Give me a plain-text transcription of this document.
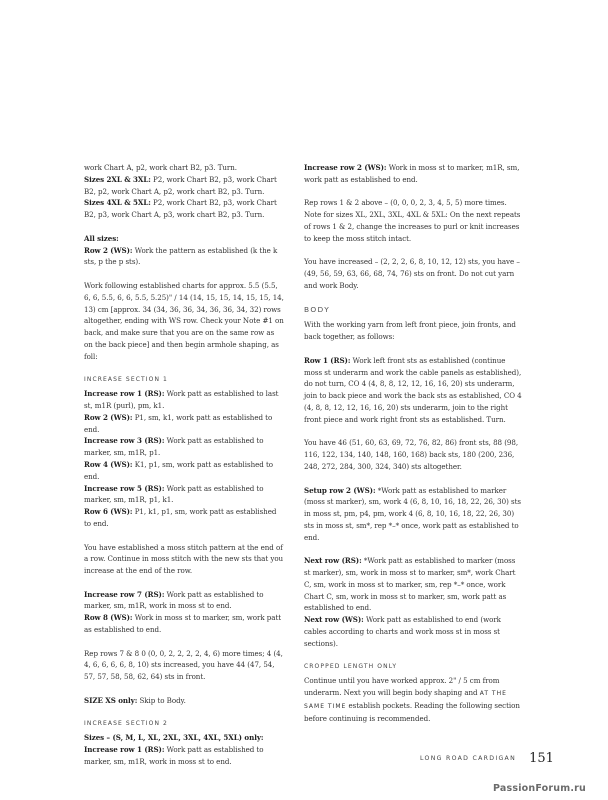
work Chart A, p2, work chart B2, p3. Turn.
Sizes 2XL & 3XL: P2, work Chart B2, p3, work Chart B2, p2, work Chart A, p2, work chart B2, p3. Turn.
Sizes 4XL & 5XL: P2, work Chart B2, p3, work Chart B2, p3, work Chart A, p3, work chart B2, p3. Turn.

All sizes:
Row 2 (WS): Work the pattern as established (k the k sts, p the p sts).

Work following established charts for approx. 5.5 (5.5, 6, 6, 5.5, 6, 6, 5.5, 5.25)" / 14 (14, 15, 15, 14, 15, 15, 14, 13) cm [approx. 34 (34, 36, 36, 34, 36, 36, 34, 32) rows altogether, ending with WS row. Check your Note #1 on back, and make sure that you are on the same row as on the back piece] and then begin armhole shaping, as foll:

INCREASE SECTION 1
Increase row 1 (RS): Work patt as established to last st, m1R (purl), pm, k1.
Row 2 (WS): P1, sm, k1, work patt as established to end.
Increase row 3 (RS): Work patt as established to marker, sm, m1R, p1.
Row 4 (WS): K1, p1, sm, work patt as established to end.
Increase row 5 (RS): Work patt as established to marker, sm, m1R, p1, k1.
Row 6 (WS): P1, k1, p1, sm, work patt as established to end.

You have established a moss stitch pattern at the end of a row. Continue in moss stitch with the new sts that you increase at the end of the row.

Increase row 7 (RS): Work patt as established to marker, sm, m1R, work in moss st to end.
Row 8 (WS): Work in moss st to marker, sm, work patt as established to end.

Rep rows 7 & 8 0 (0, 0, 2, 2, 2, 2, 4, 6) more times; 4 (4, 4, 6, 6, 6, 6, 8, 10) sts increased, you have 44 (47, 54, 57, 57, 58, 58, 62, 64) sts in front.

SIZE XS only: Skip to Body.

INCREASE SECTION 2
Sizes – (S, M, L, XL, 2XL, 3XL, 4XL, 5XL) only:
Increase row 1 (RS): Work patt as established to marker, sm, m1R, work in moss st to end.

Increase row 2 (WS): Work in moss st to marker, m1R, sm, work patt as established to end.

Rep rows 1 & 2 above – (0, 0, 0, 2, 3, 4, 5, 5) more times. Note for sizes XL, 2XL, 3XL, 4XL & 5XL: On the next repeats of rows 1 & 2, change the increases to purl or knit increases to keep the moss stitch intact.

You have increased – (2, 2, 2, 6, 8, 10, 12, 12) sts, you have – (49, 56, 59, 63, 66, 68, 74, 76) sts on front. Do not cut yarn and work Body.

BODY
With the working yarn from left front piece, join fronts, and back together, as follows:

Row 1 (RS): Work left front sts as established (continue moss st underarm and work the cable panels as established), do not turn, CO 4 (4, 8, 8, 12, 12, 16, 16, 20) sts underarm, join to back piece and work the back sts as established, CO 4 (4, 8, 8, 12, 12, 16, 16, 20) sts underarm, join to the right front piece and work right front sts as established. Turn.

You have 46 (51, 60, 63, 69, 72, 76, 82, 86) front sts, 88 (98, 116, 122, 134, 140, 148, 160, 168) back sts, 180 (200, 236, 248, 272, 284, 300, 324, 340) sts altogether.

Setup row 2 (WS): *Work patt as established to marker (moss st marker), sm, work 4 (6, 8, 10, 16, 18, 22, 26, 30) sts in moss st, pm, p4, pm, work 4 (6, 8, 10, 16, 18, 22, 26, 30) sts in moss st, sm*, rep *–* once, work patt as established to end.

Next row (RS): *Work patt as established to marker (moss st marker), sm, work in moss st to marker, sm*, work Chart C, sm, work in moss st to marker, sm, rep *–* once, work Chart C, sm, work in moss st to marker, sm, work patt as established to end.
Next row (WS): Work patt as established to end (work cables according to charts and work moss st in moss st sections).

CROPPED LENGTH ONLY
Continue until you have worked approx. 2" / 5 cm from underarm. Next you will begin body shaping and AT THE SAME TIME establish pockets. Reading the following section before continuing is recommended.

LONG ROAD CARDIGAN 151
PassionForum.ru
